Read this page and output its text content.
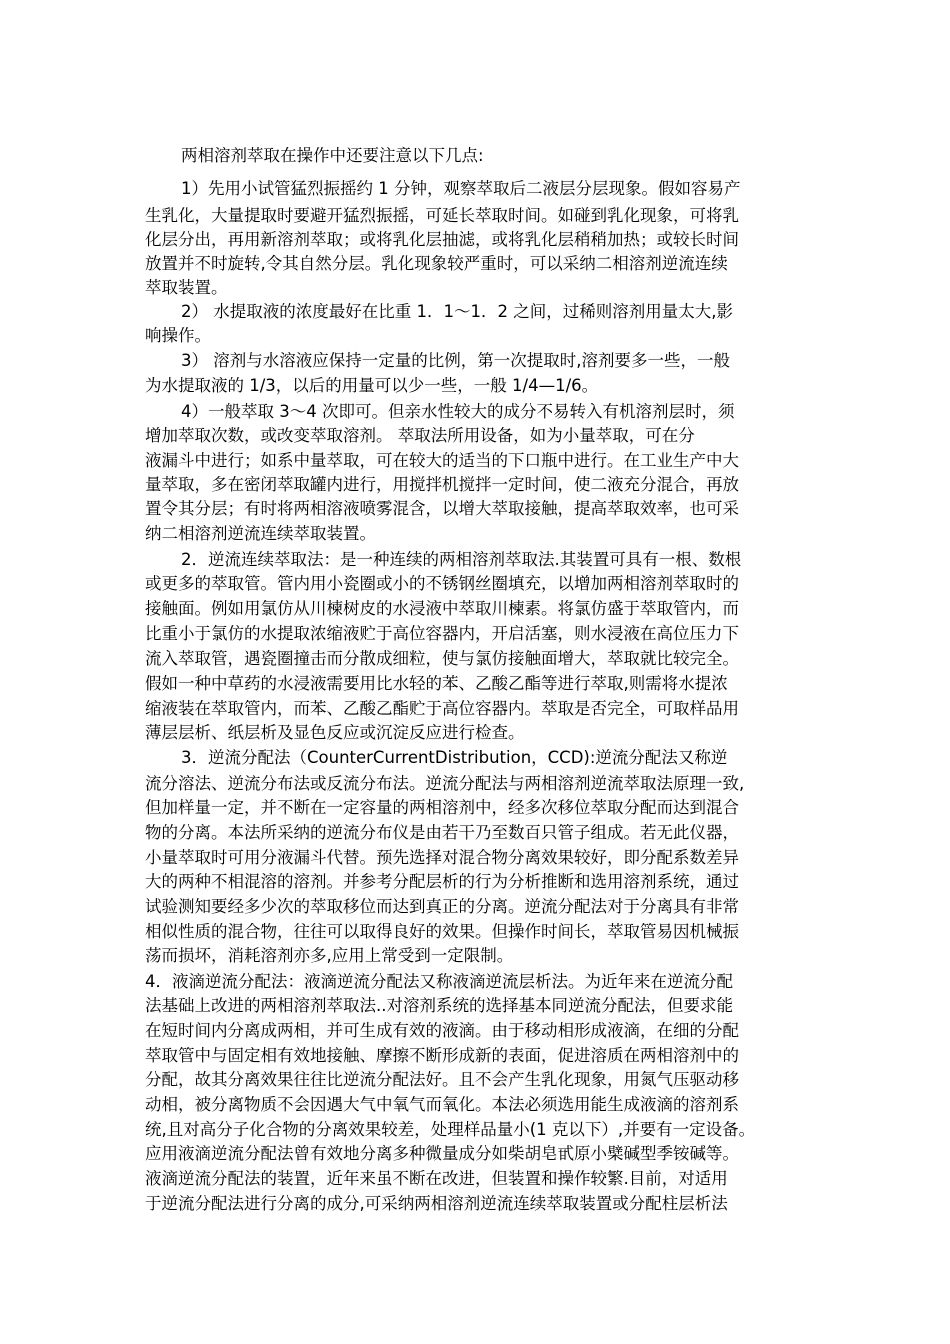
两相溶剂萃取在操作中还要注意以下几点:
1）先用小试管猛烈振摇约 1 分钟，观察萃取后二液层分层现象。假如容易产
生乳化，大量提取时要避开猛烈振摇，可延长萃取时间。如碰到乳化现象，可将乳
化层分出，再用新溶剂萃取；或将乳化层抽滤，或将乳化层稍稍加热；或较长时间
放置并不时旋转,令其自然分层。乳化现象较严重时，可以采纳二相溶剂逆流连续
萃取装置。
2） 水提取液的浓度最好在比重 1．1～1．2 之间，过稀则溶剂用量太大,影
响操作。
3） 溶剂与水溶液应保持一定量的比例，第一次提取时,溶剂要多一些，一般
为水提取液的 1/3，以后的用量可以少一些，一般 1/4—1/6。
4）一般萃取 3～4 次即可。但亲水性较大的成分不易转入有机溶剂层时，须
增加萃取次数，或改变萃取溶剂。 萃取法所用设备，如为小量萃取，可在分
液漏斗中进行；如系中量萃取，可在较大的适当的下口瓶中进行。在工业生产中大
量萃取，多在密闭萃取罐内进行，用搅拌机搅拌一定时间，使二液充分混合，再放
置令其分层；有时将两相溶液喷雾混含，以增大萃取接触，提高萃取效率，也可采
纳二相溶剂逆流连续萃取装置。
2．逆流连续萃取法：是一种连续的两相溶剂萃取法.其装置可具有一根、数根
或更多的萃取管。管内用小瓷圈或小的不锈钢丝圈填充，以增加两相溶剂萃取时的
接触面。例如用氯仿从川楝树皮的水浸液中萃取川楝素。将氯仿盛于萃取管内，而
比重小于氯仿的水提取浓缩液贮于高位容器内，开启活塞，则水浸液在高位压力下
流入萃取管，遇瓷圈撞击而分散成细粒，使与氯仿接触面增大，萃取就比较完全。
假如一种中草药的水浸液需要用比水轻的苯、乙酸乙酯等进行萃取,则需将水提浓
缩液装在萃取管内，而苯、乙酸乙酯贮于高位容器内。萃取是否完全，可取样品用
薄层层析、纸层析及显色反应或沉淀反应进行检查。
3．逆流分配法（CounterCurrentDistribution，CCD):逆流分配法又称逆
流分溶法、逆流分布法或反流分布法。逆流分配法与两相溶剂逆流萃取法原理一致,
但加样量一定，并不断在一定容量的两相溶剂中，经多次移位萃取分配而达到混合
物的分离。本法所采纳的逆流分布仪是由若干乃至数百只管子组成。若无此仪器，
小量萃取时可用分液漏斗代替。预先选择对混合物分离效果较好，即分配系数差异
大的两种不相混溶的溶剂。并参考分配层析的行为分析推断和选用溶剂系统，通过
试验测知要经多少次的萃取移位而达到真正的分离。逆流分配法对于分离具有非常
相似性质的混合物，往往可以取得良好的效果。但操作时间长，萃取管易因机械振
荡而损坏，消耗溶剂亦多,应用上常受到一定限制。
4．液滴逆流分配法：液滴逆流分配法又称液滴逆流层析法。为近年来在逆流分配
法基础上改进的两相溶剂萃取法..对溶剂系统的选择基本同逆流分配法，但要求能
在短时间内分离成两相，并可生成有效的液滴。由于移动相形成液滴，在细的分配
萃取管中与固定相有效地接触、摩擦不断形成新的表面，促进溶质在两相溶剂中的
分配，故其分离效果往往比逆流分配法好。且不会产生乳化现象，用氮气压驱动移
动相，被分离物质不会因遇大气中氧气而氧化。本法必须选用能生成液滴的溶剂系
统,且对高分子化合物的分离效果较差，处理样品量小(1 克以下）,并要有一定设备。
应用液滴逆流分配法曾有效地分离多种微量成分如柴胡皂甙原小檗碱型季铵碱等。
液滴逆流分配法的装置，近年来虽不断在改进，但装置和操作较繁.目前，对适用
于逆流分配法进行分离的成分,可采纳两相溶剂逆流连续萃取装置或分配柱层析法
